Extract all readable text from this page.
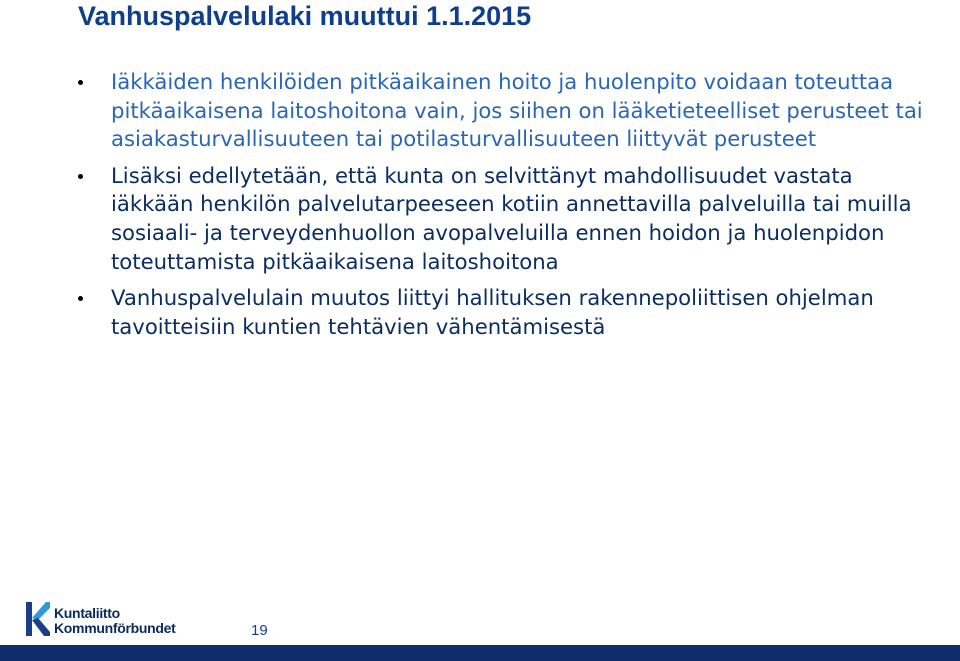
Vanhuspalvelulaki muuttui 1.1.2015
Iäkkäiden henkilöiden pitkäaikainen hoito ja huolenpito voidaan toteuttaa pitkäaikaisena laitoshoitona vain, jos siihen on lääketieteelliset perusteet tai asiakasturvallisuuteen tai potilasturvallisuuteen liittyvät perusteet
Lisäksi edellytetään, että kunta on selvittänyt mahdollisuudet vastata iäkkään henkilön palvelutarpeeseen kotiin annettavilla palveluilla tai muilla sosiaali- ja terveydenhuollon avopalveluilla ennen hoidon ja huolenpidon toteuttamista pitkäaikaisena laitoshoitona
Vanhuspalvelulain muutos liittyi hallituksen rakennepoliittisen ohjelman tavoitteisiin kuntien tehtävien vähentämisestä
Kuntaliitto
Kommunförbundet	19
